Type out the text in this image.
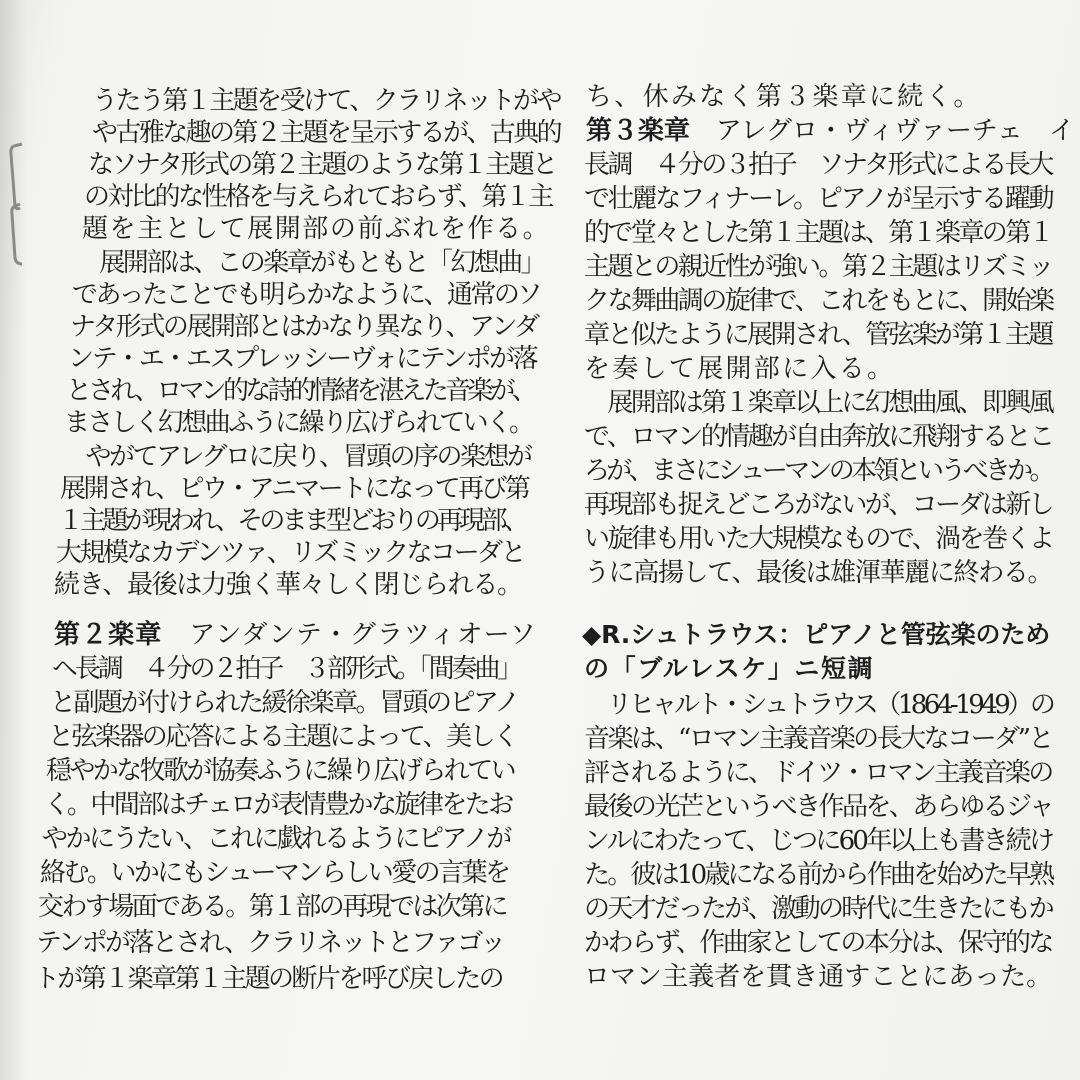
うたう第１主題を受けて、クラリネットがや
や古雅な趣の第２主題を呈示するが、古典的
なソナタ形式の第２主題のような第１主題と
の対比的な性格を与えられておらず、第１主
題を主として展開部の前ぶれを作る。
　展開部は、この楽章がもともと「幻想曲」
であったことでも明らかなように、通常のソ
ナタ形式の展開部とはかなり異なり、アンダ
ンテ・エ・エスプレッシーヴォにテンポが落
とされ、ロマン的な詩的情緒を湛えた音楽が、
まさしく幻想曲ふうに繰り広げられていく。
　やがてアレグロに戻り、冒頭の序の楽想が
展開され、ピウ・アニマートになって再び第
１主題が現われ、そのまま型どおりの再現部、
大規模なカデンツァ、リズミックなコーダと
続き、最後は力強く華々しく閉じられる。
第２楽章　アンダンテ・グラツィオーソ
ヘ長調　４分の２拍子　３部形式。「間奏曲」
と副題が付けられた緩徐楽章。冒頭のピアノ
と弦楽器の応答による主題によって、美しく
穏やかな牧歌が協奏ふうに繰り広げられてい
く。中間部はチェロが表情豊かな旋律をたお
やかにうたい、これに戯れるようにピアノが
絡む。いかにもシューマンらしい愛の言葉を
交わす場面である。第１部の再現では次第に
テンポが落とされ、クラリネットとファゴッ
トが第１楽章第１主題の断片を呼び戻したの
ち、休みなく第３楽章に続く。
第３楽章　アレグロ・ヴィヴァーチェ　イ
長調　４分の３拍子　ソナタ形式による長大
で壮麗なフィナーレ。ピアノが呈示する躍動
的で堂々とした第１主題は、第１楽章の第１
主題との親近性が強い。第２主題はリズミッ
クな舞曲調の旋律で、これをもとに、開始楽
章と似たように展開され、管弦楽が第１主題
を奏して展開部に入る。
　展開部は第１楽章以上に幻想曲風、即興風
で、ロマン的情趣が自由奔放に飛翔するとこ
ろが、まさにシューマンの本領というべきか。
再現部も捉えどころがないが、コーダは新し
い旋律も用いた大規模なもので、渦を巻くよ
うに高揚して、最後は雄渾華麗に終わる。
◆R.シュトラウス：ピアノと管弦楽のため
の「ブルレスケ」ニ短調
　リヒャルト・シュトラウス（1864-1949）の
音楽は、“ロマン主義音楽の長大なコーダ”と
評されるように、ドイツ・ロマン主義音楽の
最後の光芒というべき作品を、あらゆるジャ
ンルにわたって、じつに60年以上も書き続け
た。彼は10歳になる前から作曲を始めた早熟
の天才だったが、激動の時代に生きたにもか
かわらず、作曲家としての本分は、保守的な
ロマン主義者を貫き通すことにあった。
